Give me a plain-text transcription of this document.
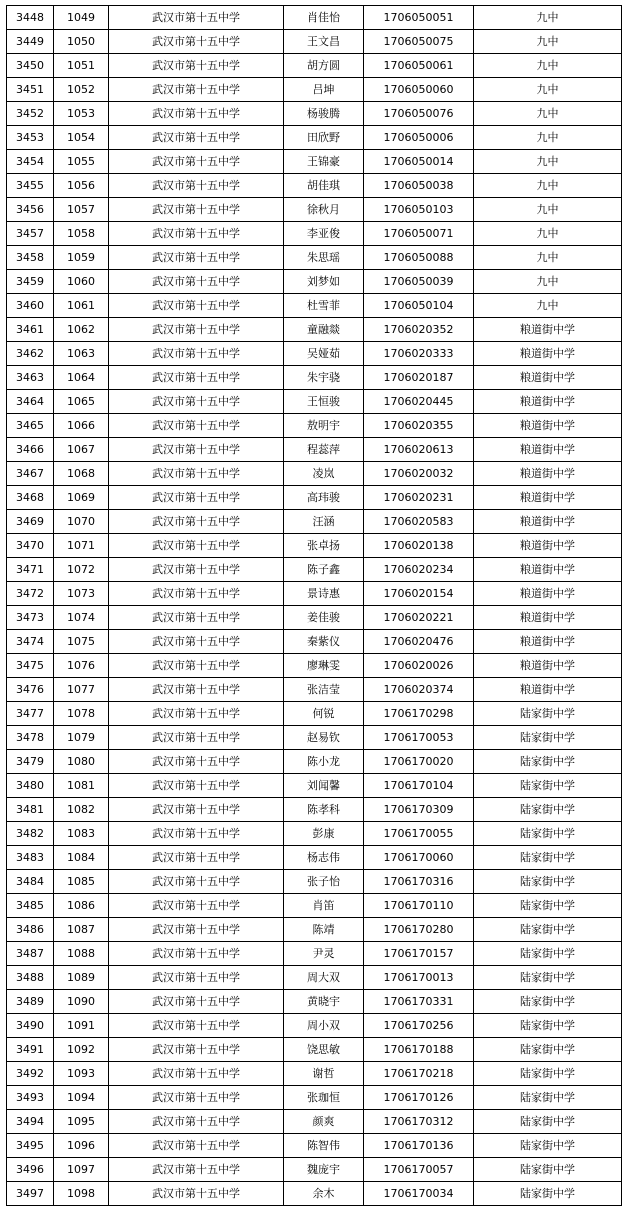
3448	1049	武汉市第十五中学	肖佳怡	1706050051	九中
3449	1050	武汉市第十五中学	王文昌	1706050075	九中
3450	1051	武汉市第十五中学	胡方圆	1706050061	九中
3451	1052	武汉市第十五中学	吕坤	1706050060	九中
3452	1053	武汉市第十五中学	杨骏腾	1706050076	九中
3453	1054	武汉市第十五中学	田欣野	1706050006	九中
3454	1055	武汉市第十五中学	王锦豪	1706050014	九中
3455	1056	武汉市第十五中学	胡佳琪	1706050038	九中
3456	1057	武汉市第十五中学	徐秋月	1706050103	九中
3457	1058	武汉市第十五中学	李亚俊	1706050071	九中
3458	1059	武汉市第十五中学	朱思瑶	1706050088	九中
3459	1060	武汉市第十五中学	刘梦如	1706050039	九中
3460	1061	武汉市第十五中学	杜雪菲	1706050104	九中
3461	1062	武汉市第十五中学	童融燚	1706020352	粮道街中学
3462	1063	武汉市第十五中学	吴娅茹	1706020333	粮道街中学
3463	1064	武汉市第十五中学	朱宇骁	1706020187	粮道街中学
3464	1065	武汉市第十五中学	王恒骏	1706020445	粮道街中学
3465	1066	武汉市第十五中学	敖明宇	1706020355	粮道街中学
3466	1067	武汉市第十五中学	程蕊萍	1706020613	粮道街中学
3467	1068	武汉市第十五中学	凌岚	1706020032	粮道街中学
3468	1069	武汉市第十五中学	高玮骏	1706020231	粮道街中学
3469	1070	武汉市第十五中学	汪涵	1706020583	粮道街中学
3470	1071	武汉市第十五中学	张卓扬	1706020138	粮道街中学
3471	1072	武汉市第十五中学	陈子鑫	1706020234	粮道街中学
3472	1073	武汉市第十五中学	景诗惠	1706020154	粮道街中学
3473	1074	武汉市第十五中学	姜佳骏	1706020221	粮道街中学
3474	1075	武汉市第十五中学	秦紫仪	1706020476	粮道街中学
3475	1076	武汉市第十五中学	廖琳雯	1706020026	粮道街中学
3476	1077	武汉市第十五中学	张洁莹	1706020374	粮道街中学
3477	1078	武汉市第十五中学	何锐	1706170298	陆家街中学
3478	1079	武汉市第十五中学	赵易钦	1706170053	陆家街中学
3479	1080	武汉市第十五中学	陈小龙	1706170020	陆家街中学
3480	1081	武汉市第十五中学	刘闻馨	1706170104	陆家街中学
3481	1082	武汉市第十五中学	陈孝科	1706170309	陆家街中学
3482	1083	武汉市第十五中学	彭康	1706170055	陆家街中学
3483	1084	武汉市第十五中学	杨志伟	1706170060	陆家街中学
3484	1085	武汉市第十五中学	张子怡	1706170316	陆家街中学
3485	1086	武汉市第十五中学	肖笛	1706170110	陆家街中学
3486	1087	武汉市第十五中学	陈靖	1706170280	陆家街中学
3487	1088	武汉市第十五中学	尹灵	1706170157	陆家街中学
3488	1089	武汉市第十五中学	周大双	1706170013	陆家街中学
3489	1090	武汉市第十五中学	黄晓宇	1706170331	陆家街中学
3490	1091	武汉市第十五中学	周小双	1706170256	陆家街中学
3491	1092	武汉市第十五中学	饶思敏	1706170188	陆家街中学
3492	1093	武汉市第十五中学	谢哲	1706170218	陆家街中学
3493	1094	武汉市第十五中学	张珈恒	1706170126	陆家街中学
3494	1095	武汉市第十五中学	颜爽	1706170312	陆家街中学
3495	1096	武汉市第十五中学	陈智伟	1706170136	陆家街中学
3496	1097	武汉市第十五中学	魏庞宇	1706170057	陆家街中学
3497	1098	武汉市第十五中学	余木	1706170034	陆家街中学
